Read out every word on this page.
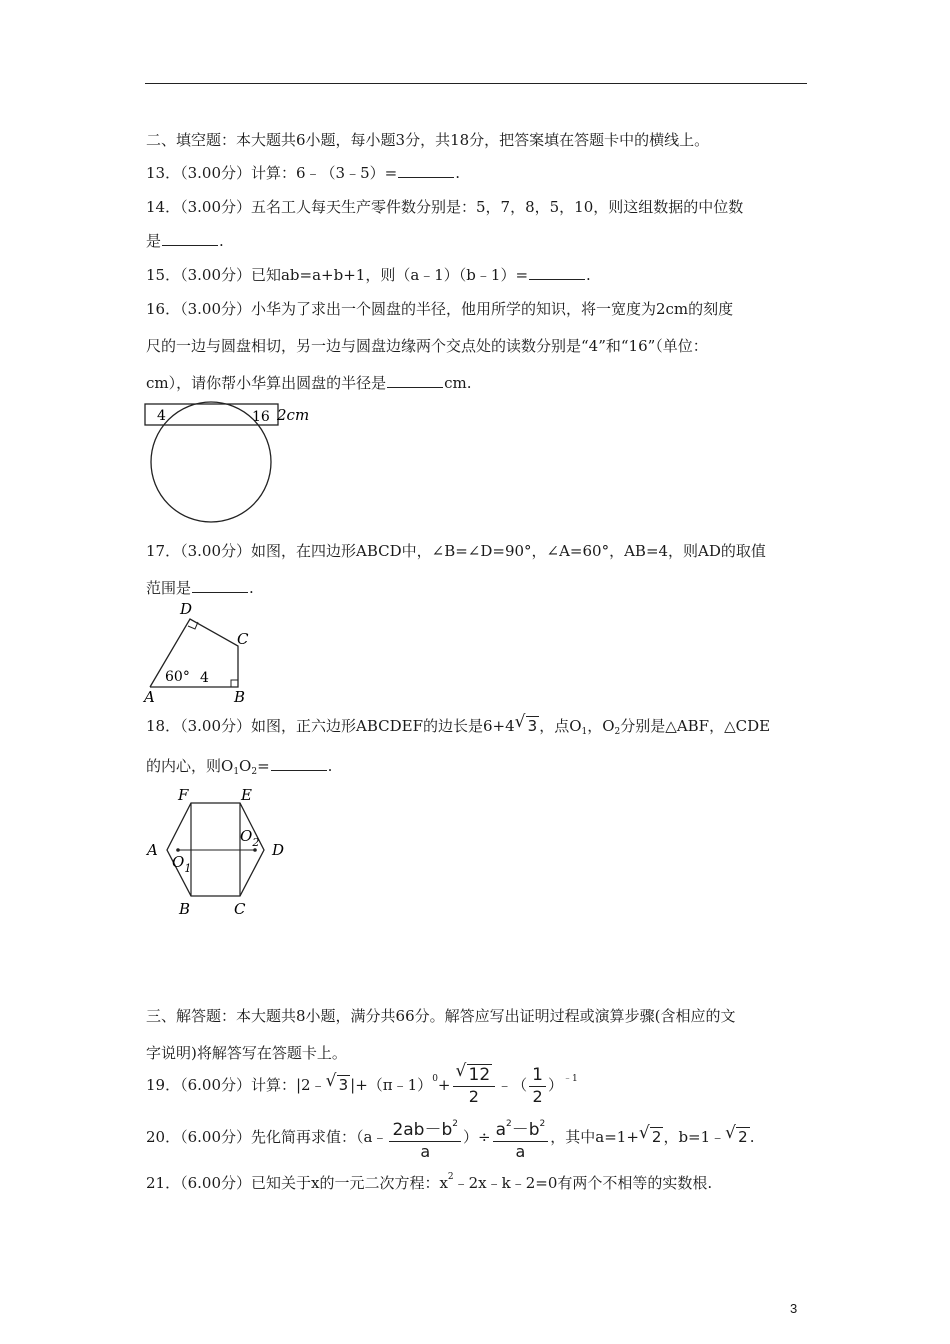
二、填空题：本大题共6小题，每小题3分，共18分，把答案填在答题卡中的横线上。
13．（3.00分）计算：6﹣（3﹣5）=	.
14．（3.00分）五名工人每天生产零件数分别是：5，7，8，5，10，则这组数据的中位数
是	.
15．（3.00分）已知ab=a+b+1，则（a﹣1）（b﹣1）=	.
16．（3.00分）小华为了求出一个圆盘的半径，他用所学的知识，将一宽度为2cm的刻度
尺的一边与圆盘相切，另一边与圆盘边缘两个交点处的读数分别是“4”和“16”（单位：
cm），请你帮小华算出圆盘的半径是	cm.
4	16 2cm
17．（3.00分）如图，在四边形ABCD中，∠B=∠D=90°，∠A=60°，AB=4，则AD的取值
范围是	.
D
C
A	B
60° 4
18．（3.00分）如图，正六边形ABCDEF的边长是6+4 √ 3 ，点$O_1$，$O_2$分别是△ABF，△CDE
的内心，则$O_1O_2=$	.
F	E
A	D
B	C
$O_1$
$O_2$
三、解答题：本大题共8小题，满分共66分。解答应写出证明过程或演算步骤(含相应的文
字说明)将解答写在答题卡上。
19．（6.00分）计算：|2﹣ √ 3 |+（π﹣1）$^0$+ √ $\frac{12}{2}$ ﹣（ $\frac{1}{2} )^{﹣1}$
20．（6.00分）先化简再求值：（a﹣ $\frac{2ab-b^2}{a}$ ）÷ $\frac{a^2-b^2}{a}$ ，其中a=1+ √ 2 ，b=1﹣ √ 2 .
21．（6.00分）已知关于x的一元二次方程：$x^2﹣2x﹣k﹣2=0$有两个不相等的实数根.
3
